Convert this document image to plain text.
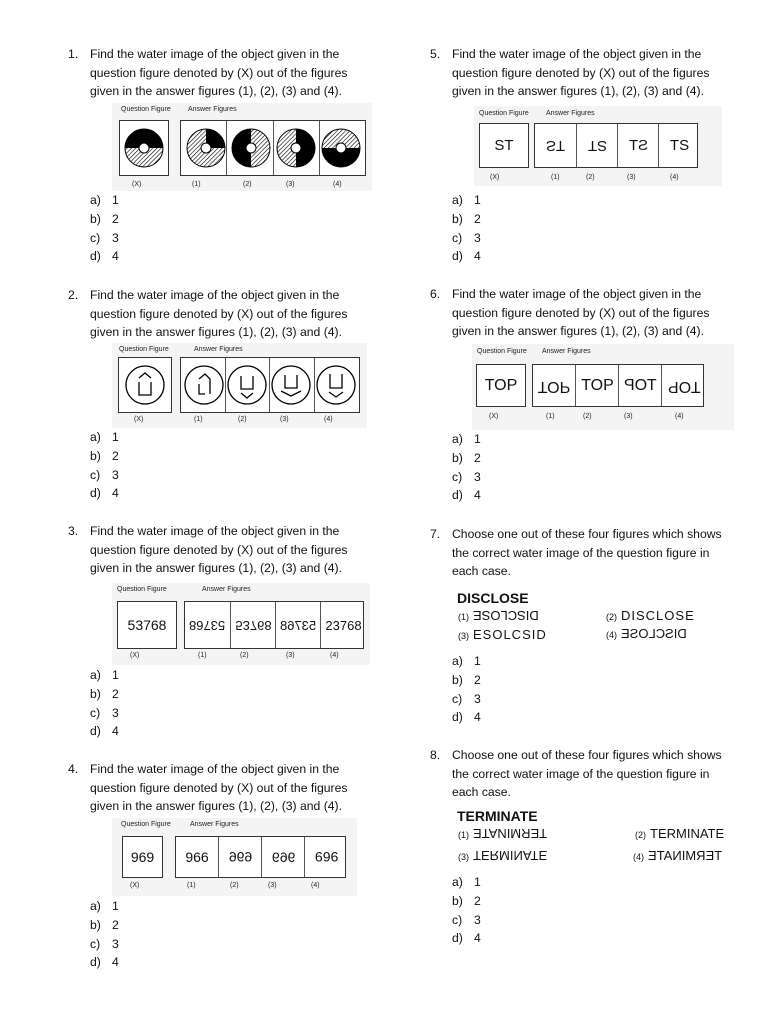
1. Find the water image of the object given in the question figure denoted by (X) out of the figures given in the answer figures (1), (2), (3) and (4).
Question Figure Answer Figures
(X)	(1)	(2)	(3)	(4)
a) 1
b) 2
c) 3
d) 4
2. Find the water image of the object given in the question figure denoted by (X) out of the figures given in the answer figures (1), (2), (3) and (4).
Question Figure	Answer Figures
(X)	(1)	(2)	(3)	(4)
a) 1
b) 2
c) 3
d) 4
3. Find the water image of the object given in the question figure denoted by (X) out of the figures given in the answer figures (1), (2), (3) and (4).
Question Figure	Answer Figures
53768	53768 53768 53768 23768
(X)	(1)	(2)	(3)	(4)
a) 1
b) 2
c) 3
d) 4
4. Find the water image of the object given in the question figure denoted by (X) out of the figures given in the answer figures (1), (2), (3) and (4).
Question Figure	Answer Figures
969	966 969 969 969
(X)	(1)	(2)	(3)	(4)
a) 1
b) 2
c) 3
d) 4
5. Find the water image of the object given in the question figure denoted by (X) out of the figures given in the answer figures (1), (2), (3) and (4).
Question Figure Answer Figures
ST	ST ST ST TS
(X)	(1)	(2)	(3)	(4)
a) 1
b) 2
c) 3
d) 4
6. Find the water image of the object given in the question figure denoted by (X) out of the figures given in the answer figures (1), (2), (3) and (4).
Question Figure Answer Figures
TOP	TOP TOP TOP TOP
(X)	(1)	(2)	(3)	(4)
a) 1
b) 2
c) 3
d) 4
7. Choose one out of these four figures which shows the correct water image of the question figure in each case.
DISCLOSE
(1) DISCLOSE	(2) DISCLOSE
(3) ESOLCSID	(4) DISCLOSE
a) 1
b) 2
c) 3
d) 4
8. Choose one out of these four figures which shows the correct water image of the question figure in each case.
TERMINATE
(1) TERMINATE	(2) TERMINATE
(3) TERMINATE	(4) TERMINATE
a) 1
b) 2
c) 3
d) 4
